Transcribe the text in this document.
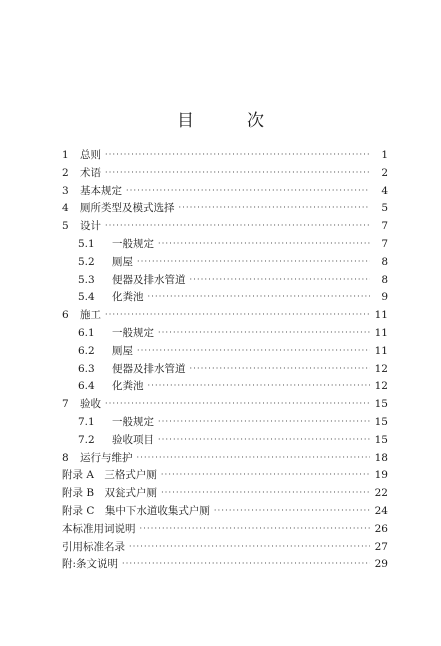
目　次
1	总则 ·····	1
2	术语 ·····	2
3	基本规定 ·····	4
4	厕所类型及模式选择 ·····	5
5	设计 ·····	7
5.1	一般规定 ·····	7
5.2	厕屋 ·····	8
5.3	便器及排水管道 ·····	8
5.4	化粪池 ·····	9
6	施工 ·····	11
6.1	一般规定 ·····	11
6.2	厕屋 ·····	11
6.3	便器及排水管道 ·····	12
6.4	化粪池 ·····	12
7	验收 ·····	15
7.1	一般规定 ·····	15
7.2	验收项目 ·····	15
8	运行与维护 ·····	18
附录 A　三格式户厕 ·····	19
附录 B　双瓮式户厕 ·····	22
附录 C　集中下水道收集式户厕 ·····	24
本标准用词说明 ·····	26
引用标准名录 ·····	27
附:条文说明 ·····	29
